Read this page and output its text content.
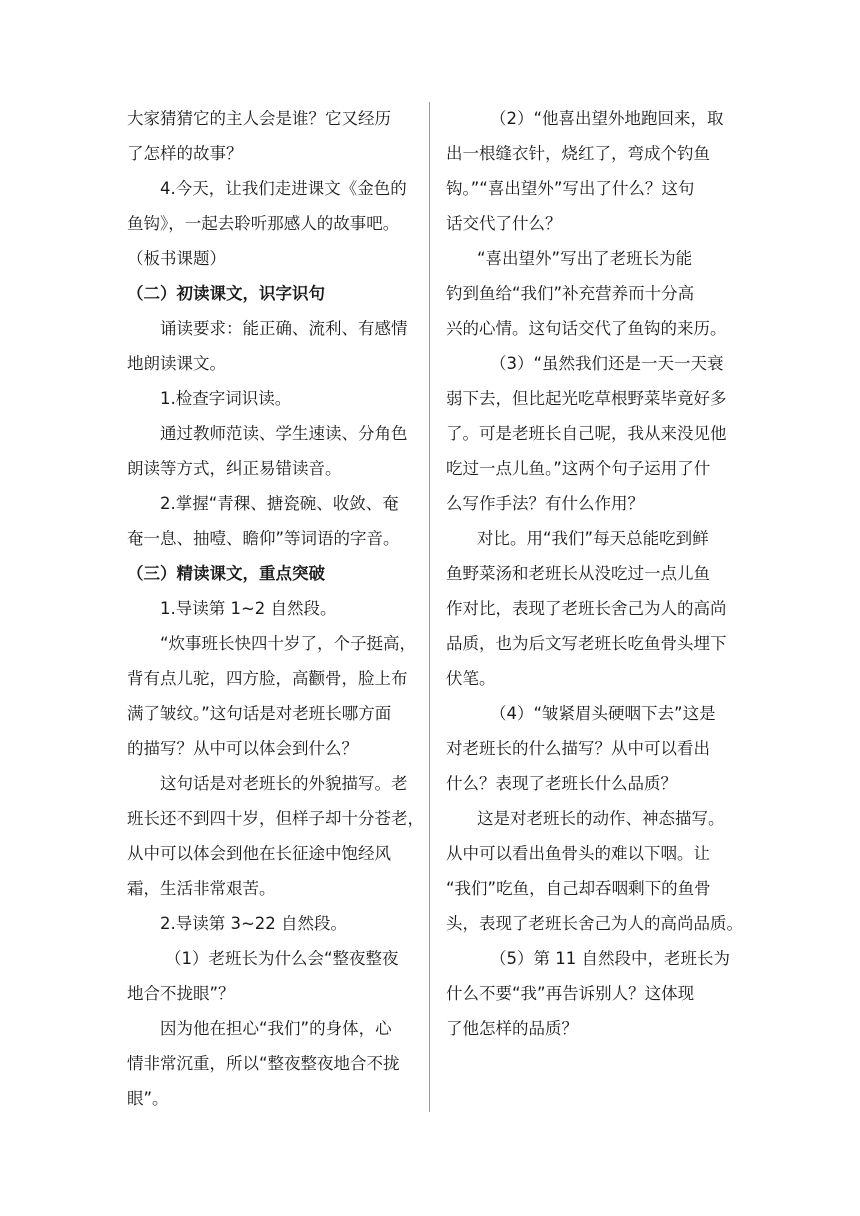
大家猜猜它的主人会是谁？它又经历
了怎样的故事？
4.今天，让我们走进课文《金色的
鱼钩》，一起去聆听那感人的故事吧。
（板书课题）
（二）初读课文，识字识句
诵读要求：能正确、流利、有感情
地朗读课文。
1.检查字词识读。
通过教师范读、学生速读、分角色
朗读等方式，纠正易错读音。
2.掌握“青稞、搪瓷碗、收敛、奄
奄一息、抽噎、瞻仰”等词语的字音。
（三）精读课文，重点突破
1.导读第 1~2 自然段。
“炊事班长快四十岁了，个子挺高，
背有点儿驼，四方脸，高颧骨，脸上布
满了皱纹。”这句话是对老班长哪方面
的描写？从中可以体会到什么？
这句话是对老班长的外貌描写。老
班长还不到四十岁，但样子却十分苍老，
从中可以体会到他在长征途中饱经风
霜，生活非常艰苦。
2.导读第 3~22 自然段。
（1）老班长为什么会“整夜整夜
地合不拢眼”？
因为他在担心“我们”的身体，心
情非常沉重，所以“整夜整夜地合不拢
眼”。
（2）“他喜出望外地跑回来，取
出一根缝衣针，烧红了，弯成个钓鱼
钩。”“喜出望外”写出了什么？这句
话交代了什么？
“喜出望外”写出了老班长为能
钓到鱼给“我们”补充营养而十分高
兴的心情。这句话交代了鱼钩的来历。
（3）“虽然我们还是一天一天衰
弱下去，但比起光吃草根野菜毕竟好多
了。可是老班长自己呢，我从来没见他
吃过一点儿鱼。”这两个句子运用了什
么写作手法？有什么作用？
对比。用“我们”每天总能吃到鲜
鱼野菜汤和老班长从没吃过一点儿鱼
作对比，表现了老班长舍己为人的高尚
品质，也为后文写老班长吃鱼骨头埋下
伏笔。
（4）“皱紧眉头硬咽下去”这是
对老班长的什么描写？从中可以看出
什么？表现了老班长什么品质？
这是对老班长的动作、神态描写。
从中可以看出鱼骨头的难以下咽。让
“我们”吃鱼，自己却吞咽剩下的鱼骨
头，表现了老班长舍己为人的高尚品质。
（5）第 11 自然段中，老班长为
什么不要“我”再告诉别人？这体现
了他怎样的品质？
